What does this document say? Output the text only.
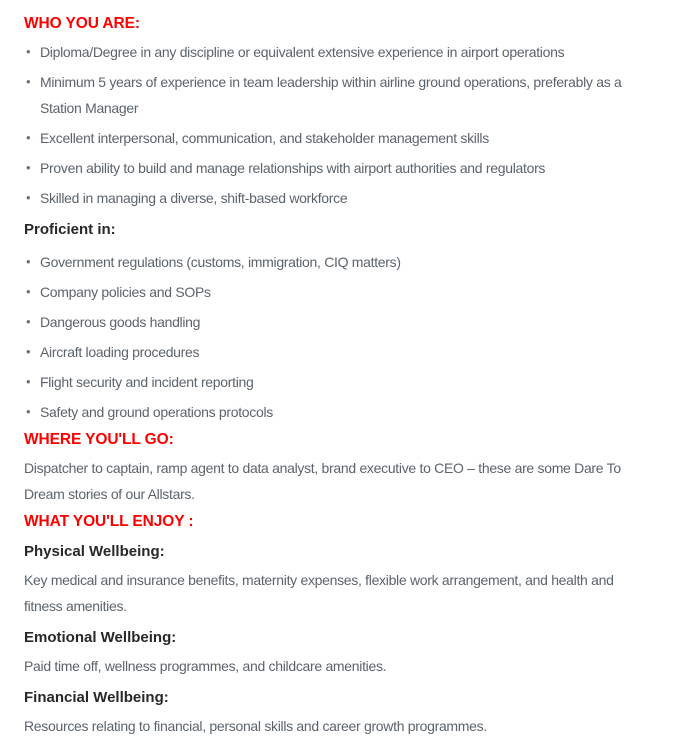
WHO YOU ARE:
• Diploma/Degree in any discipline or equivalent extensive experience in airport operations
• Minimum 5 years of experience in team leadership within airline ground operations, preferably as a Station Manager
• Excellent interpersonal, communication, and stakeholder management skills
• Proven ability to build and manage relationships with airport authorities and regulators
• Skilled in managing a diverse, shift-based workforce
Proficient in:
• Government regulations (customs, immigration, CIQ matters)
• Company policies and SOPs
• Dangerous goods handling
• Aircraft loading procedures
• Flight security and incident reporting
• Safety and ground operations protocols
WHERE YOU'LL GO:

Dispatcher to captain, ramp agent to data analyst, brand executive to CEO – these are some Dare To Dream stories of our Allstars.

WHAT YOU'LL ENJOY :
Physical Wellbeing:

Key medical and insurance benefits, maternity expenses, flexible work arrangement, and health and fitness amenities.

Emotional Wellbeing:

Paid time off, wellness programmes, and childcare amenities.

Financial Wellbeing:

Resources relating to financial, personal skills and career growth programmes.
